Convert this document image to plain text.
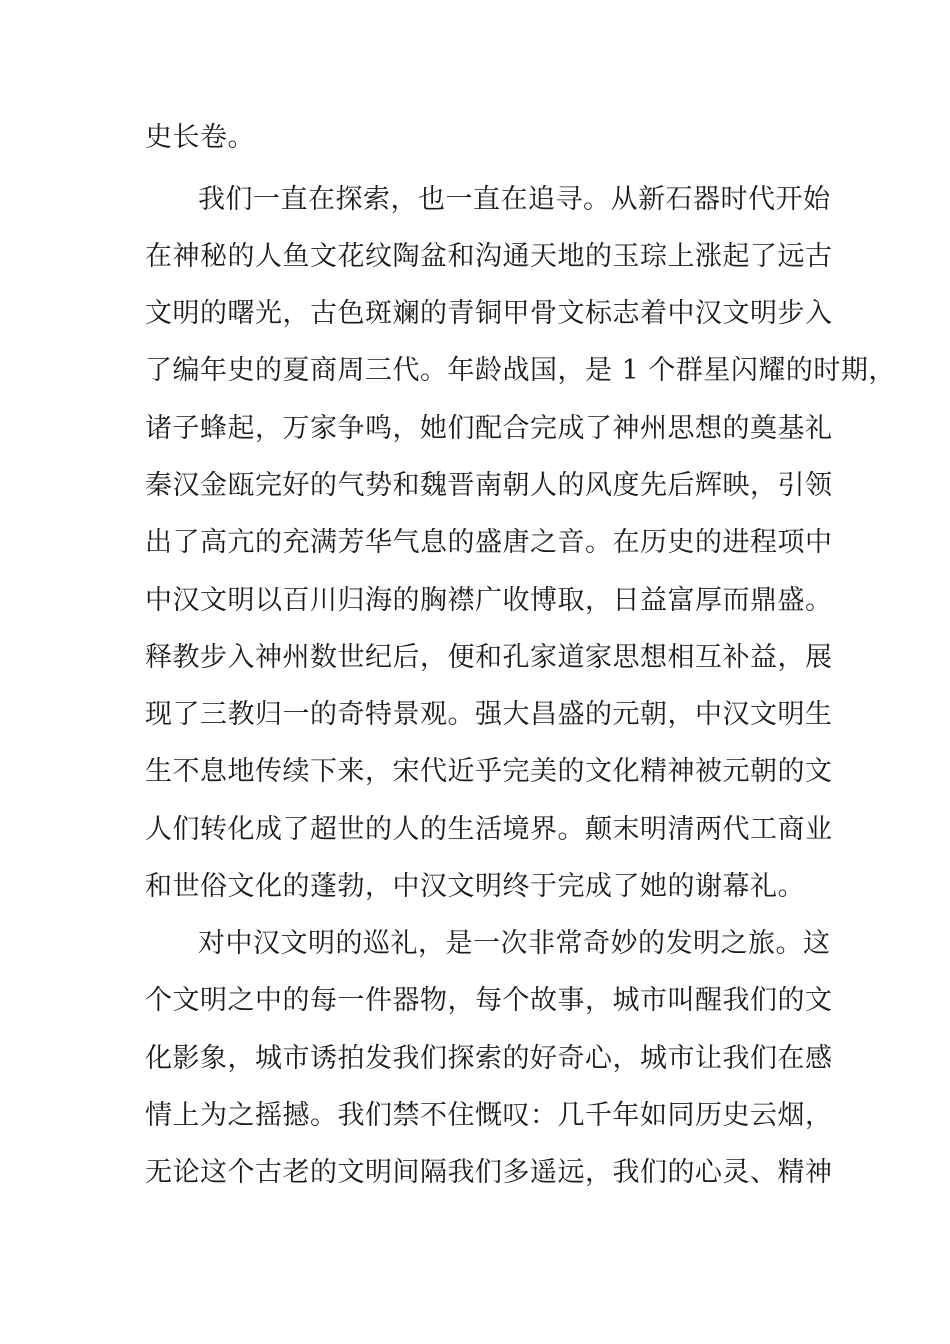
史长卷。
我们一直在探索，也一直在追寻。从新石器时代开始
在神秘的人鱼文花纹陶盆和沟通天地的玉琮上涨起了远古
文明的曙光，古色斑斓的青铜甲骨文标志着中汉文明步入
了编年史的夏商周三代。年龄战国，是 1 个群星闪耀的时期，
诸子蜂起，万家争鸣，她们配合完成了神州思想的奠基礼
秦汉金瓯完好的气势和魏晋南朝人的风度先后辉映，引领
出了高亢的充满芳华气息的盛唐之音。在历史的进程项中
中汉文明以百川归海的胸襟广收博取，日益富厚而鼎盛。
释教步入神州数世纪后，便和孔家道家思想相互补益，展
现了三教归一的奇特景观。强大昌盛的元朝，中汉文明生
生不息地传续下来，宋代近乎完美的文化精神被元朝的文
人们转化成了超世的人的生活境界。颠末明清两代工商业
和世俗文化的蓬勃，中汉文明终于完成了她的谢幕礼。
对中汉文明的巡礼，是一次非常奇妙的发明之旅。这
个文明之中的每一件器物，每个故事，城市叫醒我们的文
化影象，城市诱拍发我们探索的好奇心，城市让我们在感
情上为之摇撼。我们禁不住慨叹：几千年如同历史云烟，
无论这个古老的文明间隔我们多遥远，我们的心灵、精神
